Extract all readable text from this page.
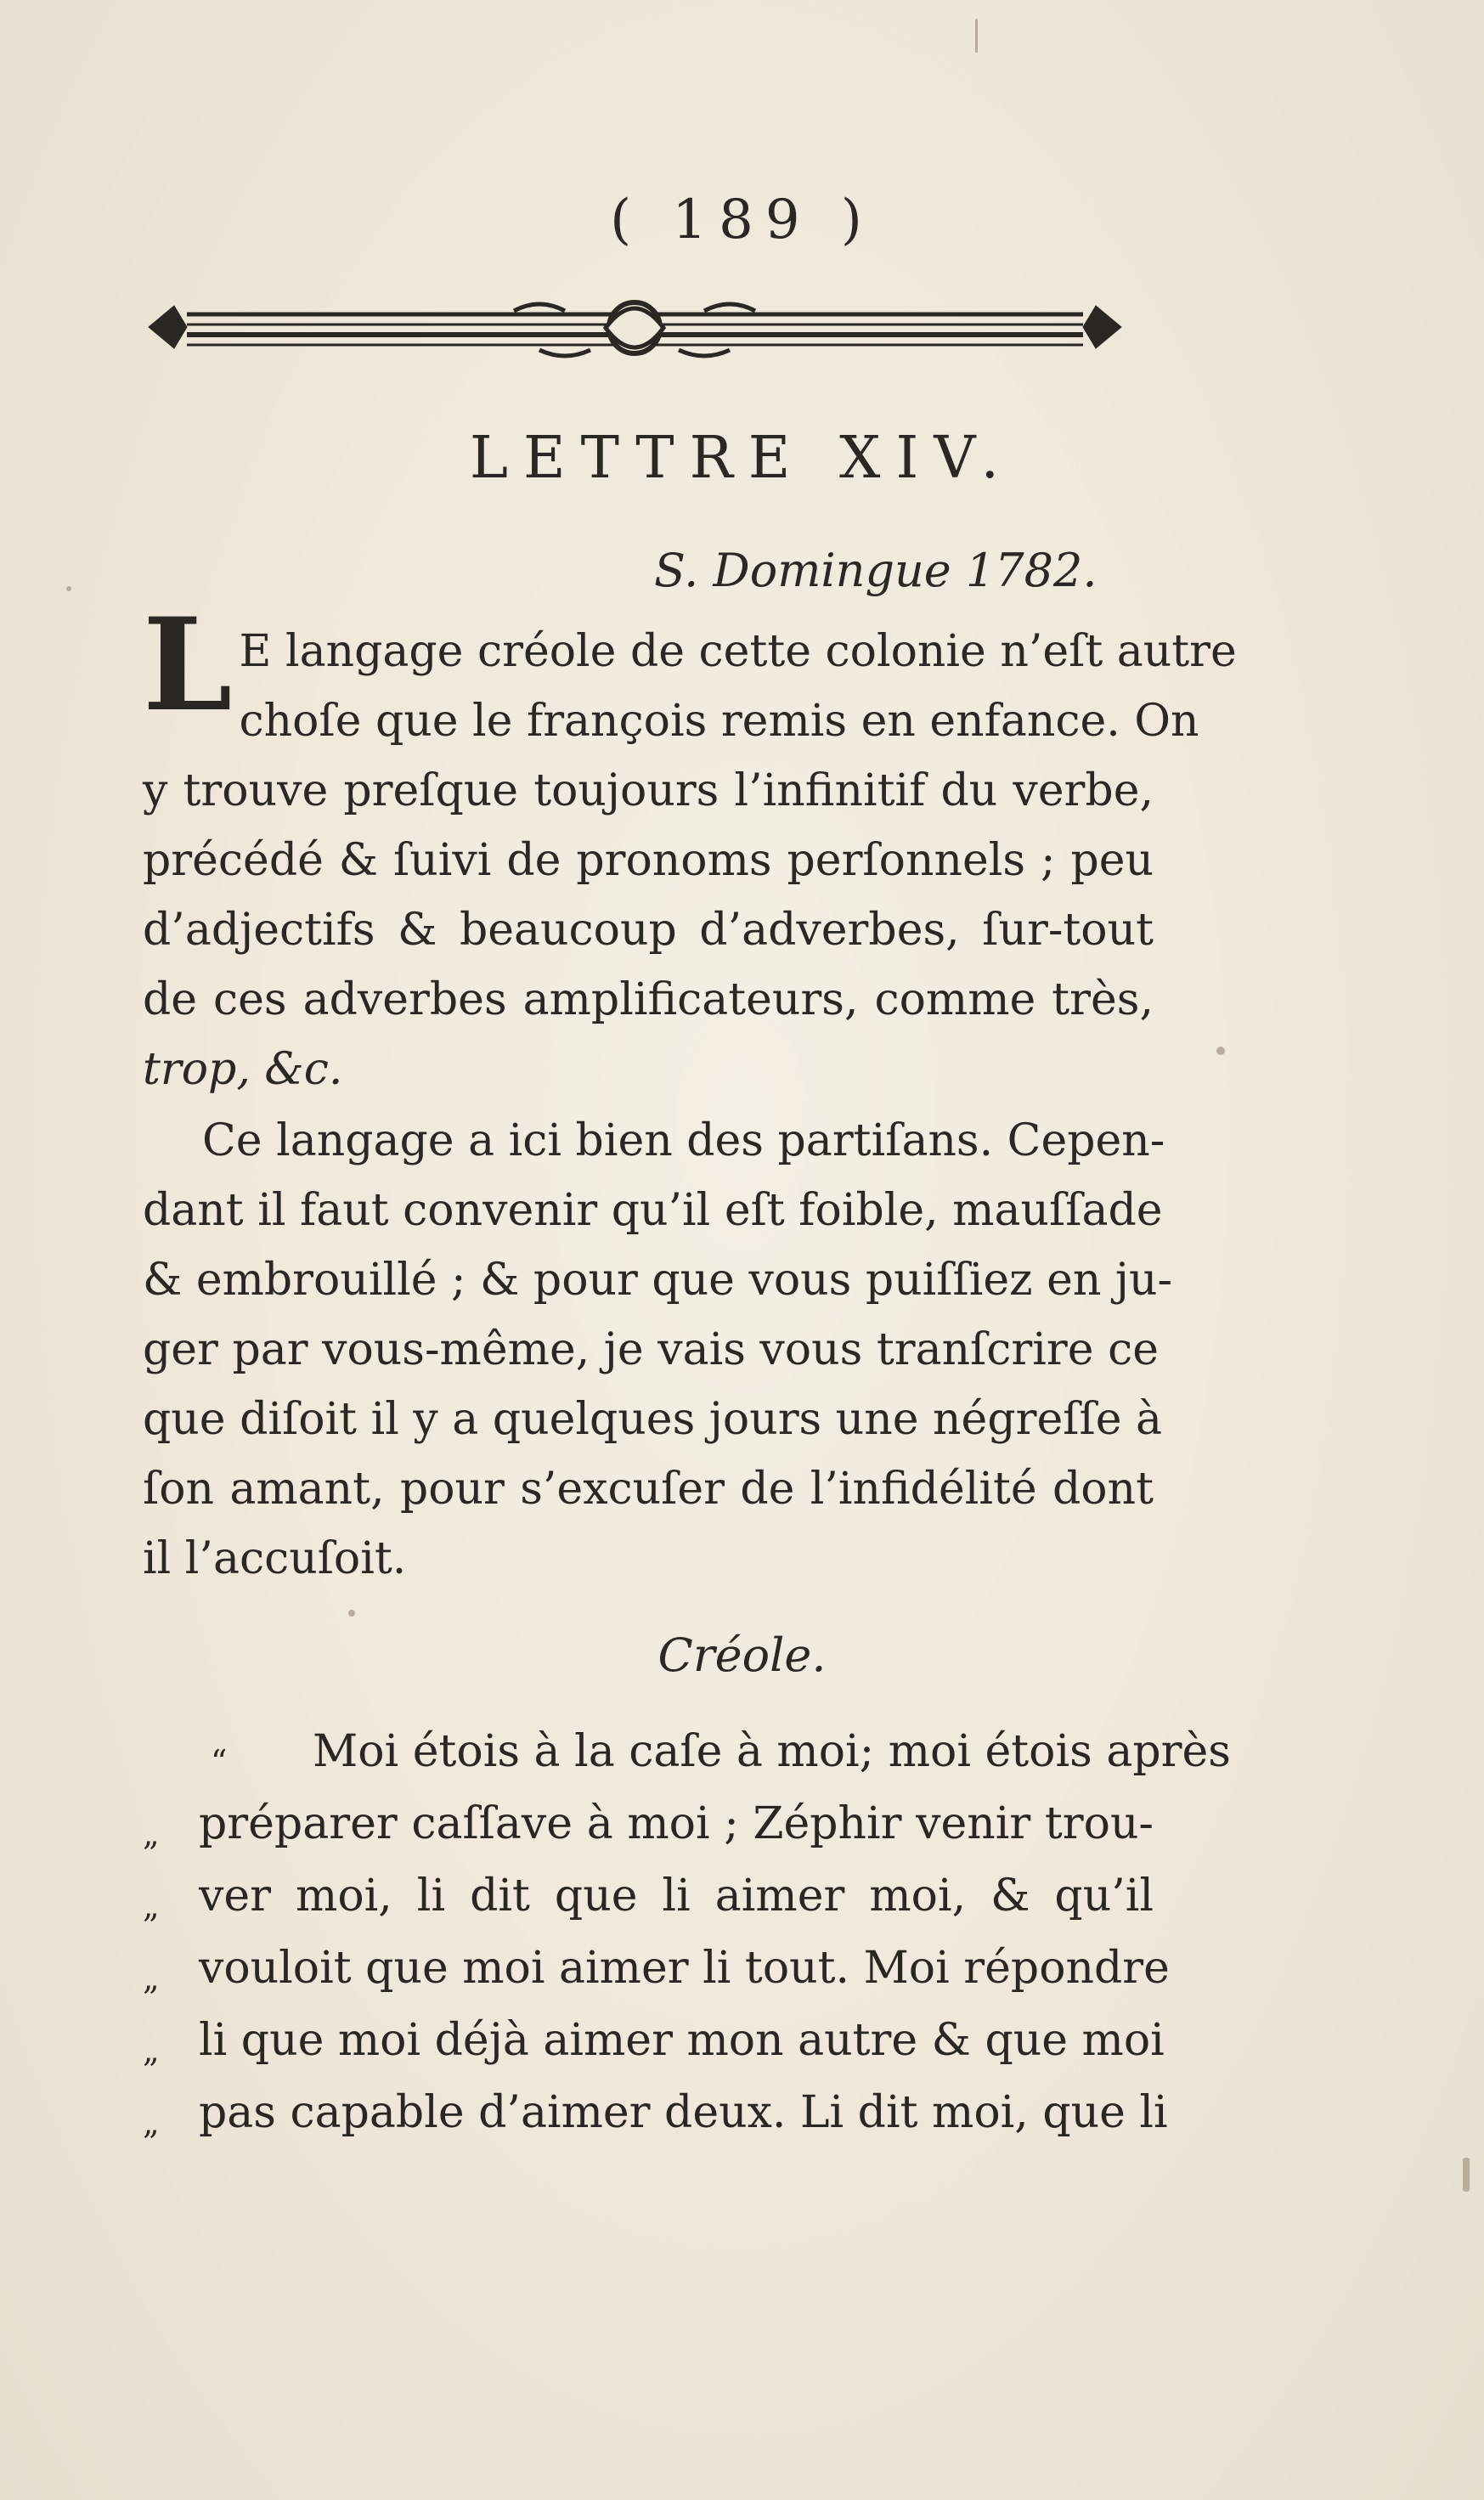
( 189 )
LETTRE XIV.
S. Domingue 1782.
L E langage créole de cette colonie n’eſt autre
choſe que le françois remis en enfance. On
y trouve preſque toujours l’infinitif du verbe,
précédé & ſuivi de pronoms perſonnels ; peu
d’adjectifs & beaucoup d’adverbes, ſur-tout
de ces adverbes amplificateurs, comme très,
trop, &c.
Ce langage a ici bien des partiſans. Cepen-
dant il faut convenir qu’il eſt foible, mauſſade
& embrouillé ; & pour que vous puiſſiez en ju-
ger par vous-même, je vais vous tranſcrire ce
que diſoit il y a quelques jours une négreſſe à
ſon amant, pour s’excuſer de l’infidélité dont
il l’accuſoit.
Créole.
“	Moi étois à la caſe à moi; moi étois après
„ préparer caſſave à moi ; Zéphir venir trou-
„ ver moi, li dit que li aimer moi, & qu’il
„ vouloit que moi aimer li tout. Moi répondre
„ li que moi déjà aimer mon autre & que moi
„ pas capable d’aimer deux. Li dit moi, que li
